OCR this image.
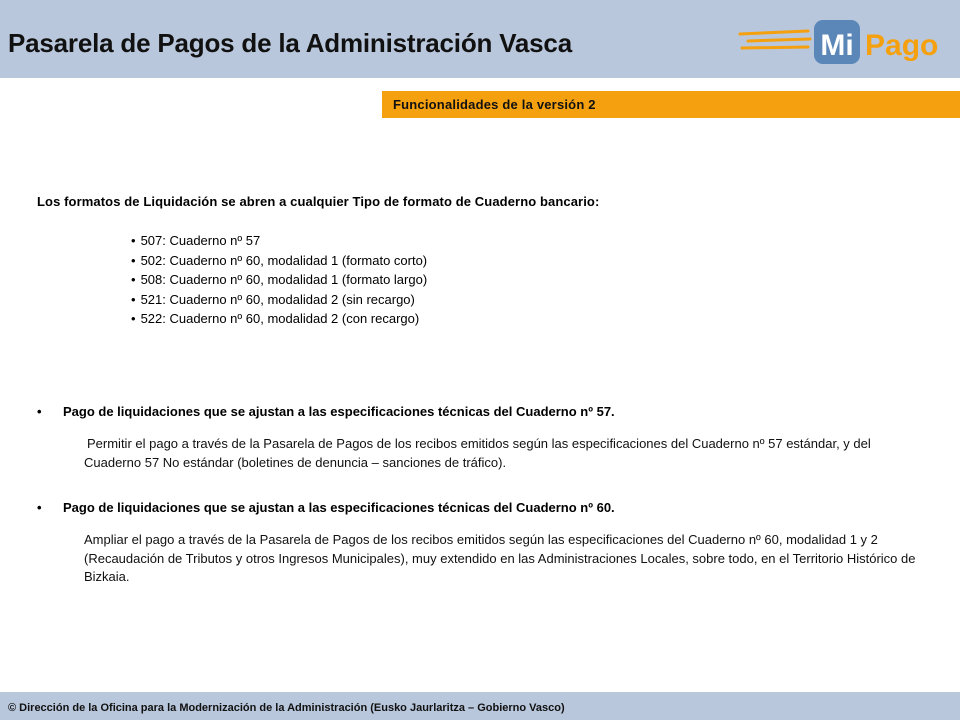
Pasarela de Pagos de la Administración Vasca	Mi Pago
Funcionalidades de la versión 2
Los formatos de Liquidación se abren a cualquier Tipo de formato de Cuaderno bancario:
• 507: Cuaderno nº 57
• 502: Cuaderno nº 60, modalidad 1 (formato corto)
• 508: Cuaderno nº 60, modalidad 1 (formato largo)
• 521: Cuaderno nº 60, modalidad 2 (sin recargo)
• 522: Cuaderno nº 60, modalidad 2 (con recargo)
• Pago de liquidaciones que se ajustan a las especificaciones técnicas del Cuaderno nº 57.
Permitir el pago a través de la Pasarela de Pagos de los recibos emitidos según las especificaciones del Cuaderno nº 57 estándar, y del Cuaderno 57 No estándar (boletines de denuncia – sanciones de tráfico).
• Pago de liquidaciones que se ajustan a las especificaciones técnicas del Cuaderno nº 60.
Ampliar el pago a través de la Pasarela de Pagos de los recibos emitidos según las especificaciones del Cuaderno nº 60, modalidad 1 y 2 (Recaudación de Tributos y otros Ingresos Municipales), muy extendido en las Administraciones Locales, sobre todo, en el Territorio Histórico de Bizkaia.
© Dirección de la Oficina para la Modernización de la Administración (Eusko Jaurlaritza – Gobierno Vasco)
